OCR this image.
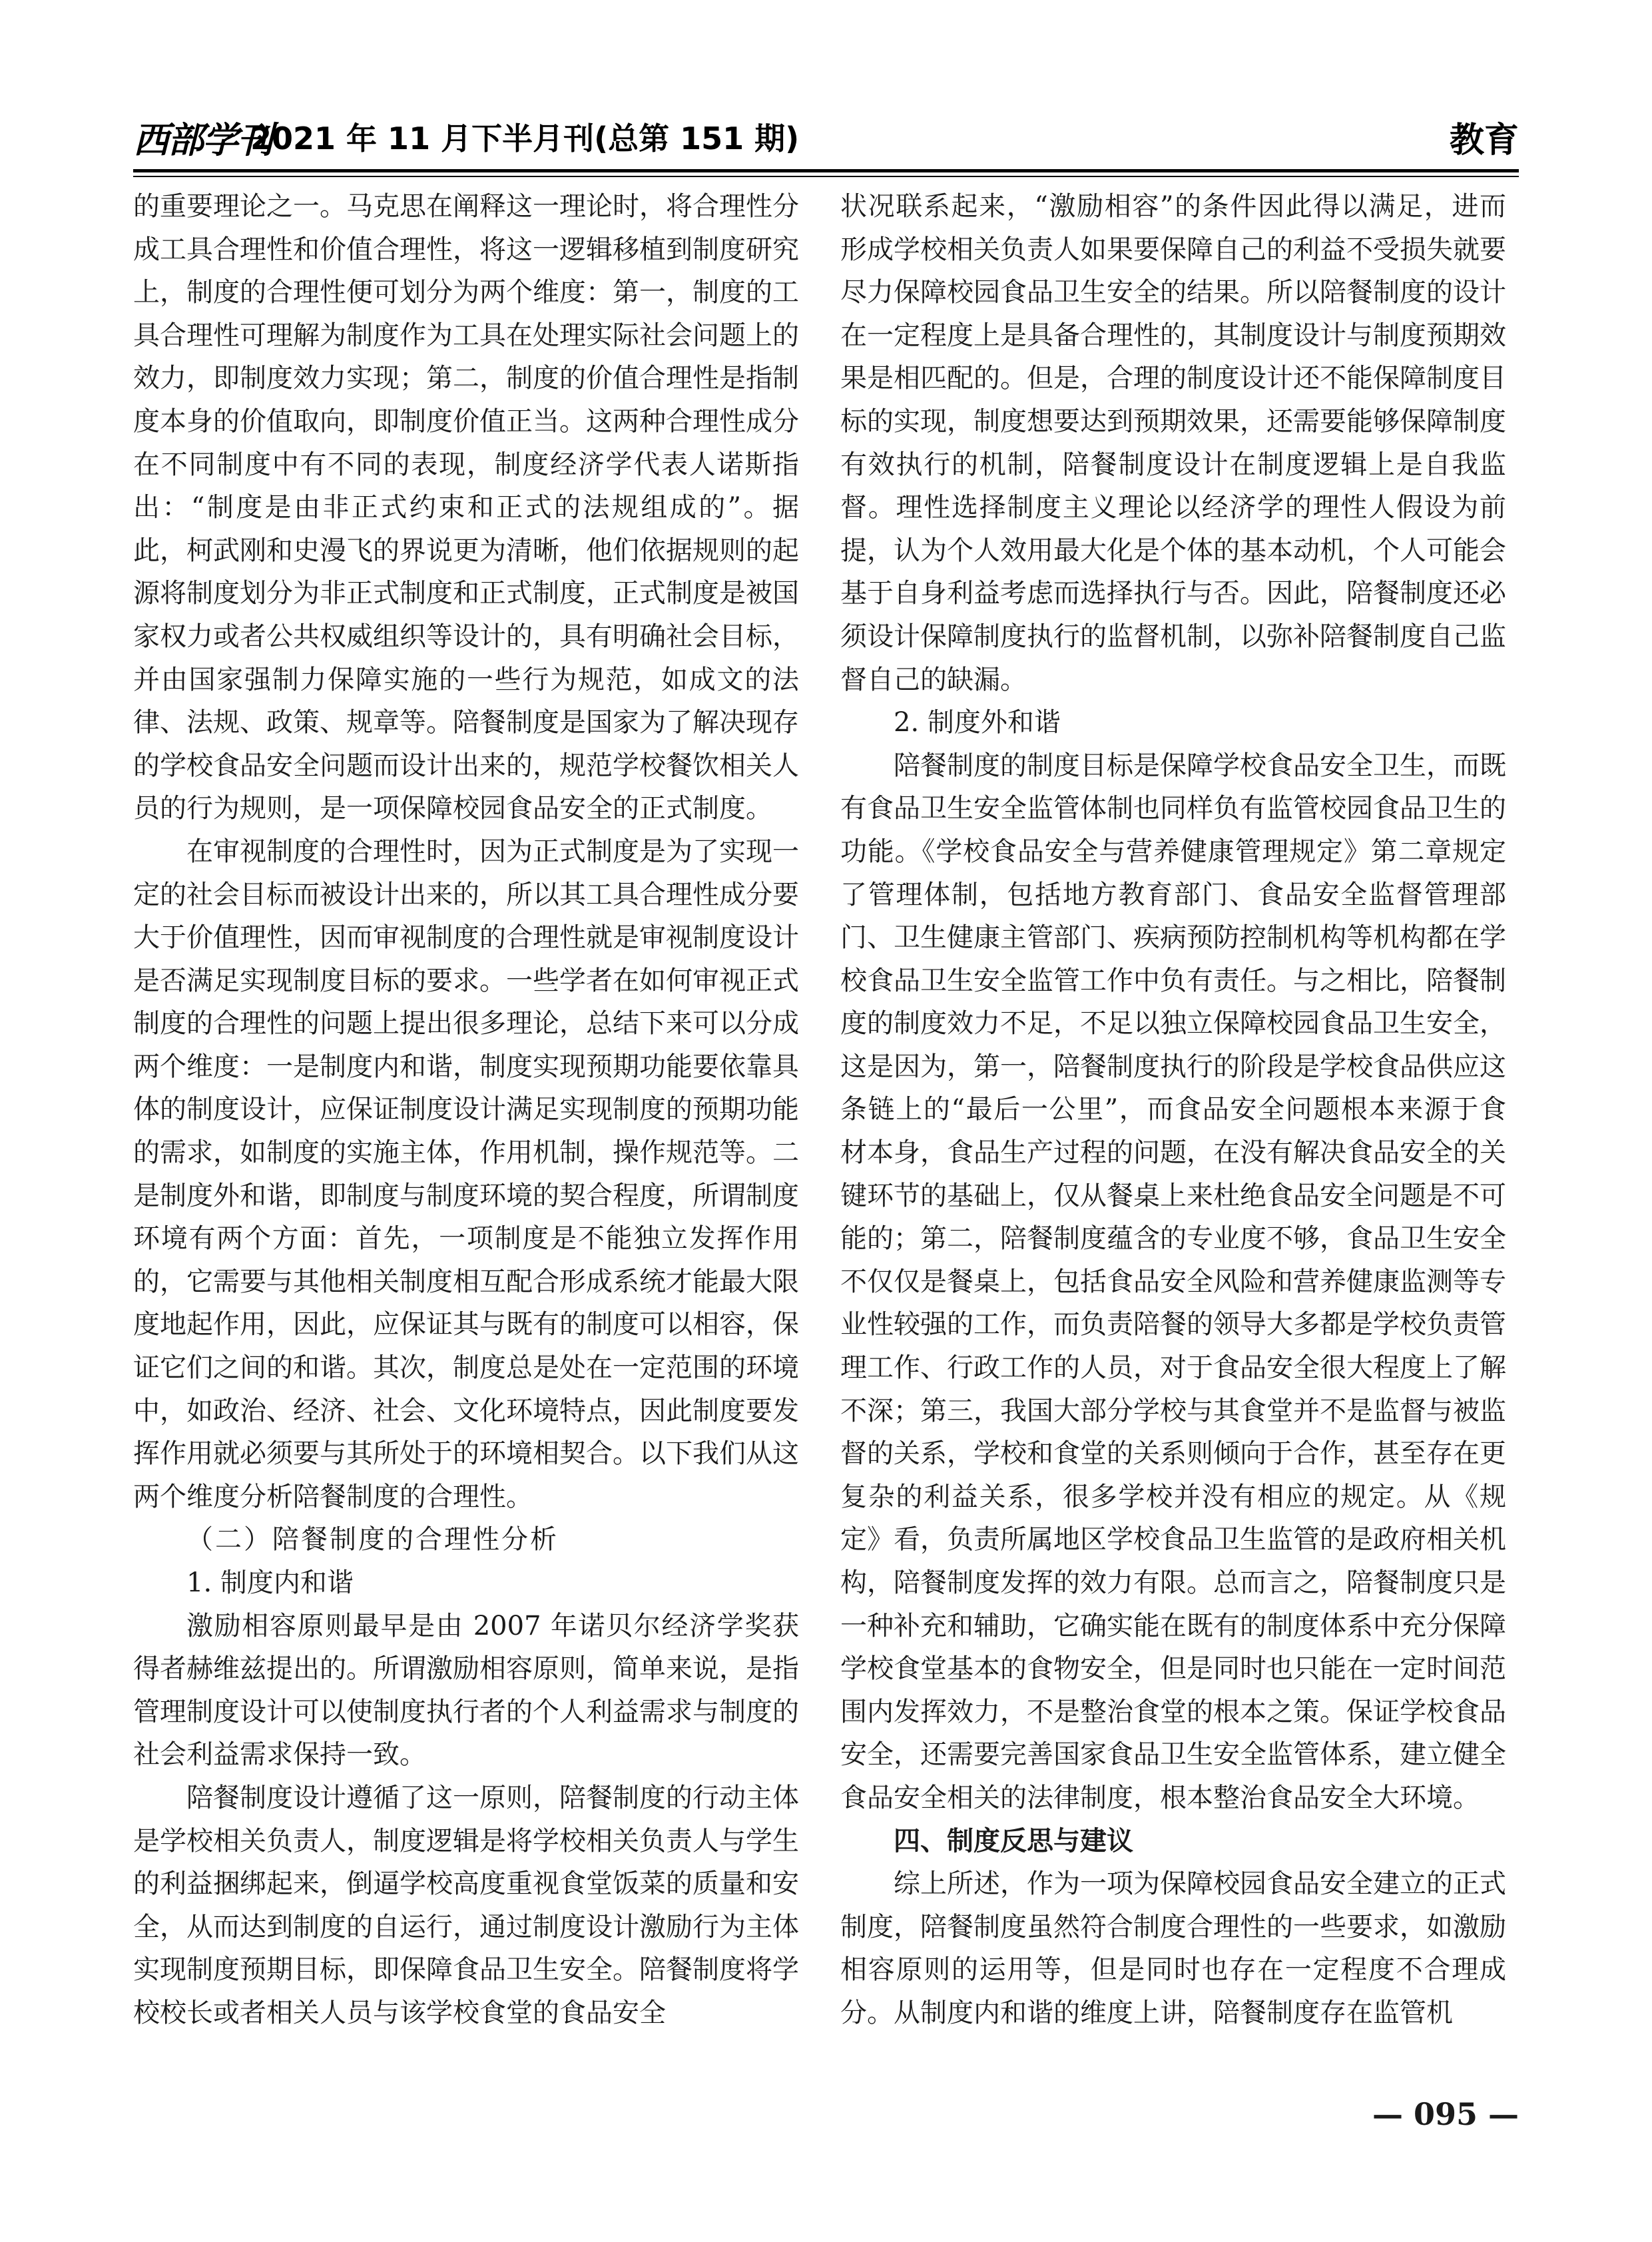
西部学刊
2021 年 11 月下半月刊(总第 151 期)	教育

的重要理论之一。马克思在阐释这一理论时，将合理性分成工具合理性和价值合理性，将这一逻辑移植到制度研究上，制度的合理性便可划分为两个维度：第一，制度的工具合理性可理解为制度作为工具在处理实际社会问题上的效力，即制度效力实现；第二，制度的价值合理性是指制度本身的价值取向，即制度价值正当。这两种合理性成分在不同制度中有不同的表现，制度经济学代表人诺斯指出：“制度是由非正式约束和正式的法规组成的”。据此，柯武刚和史漫飞的界说更为清晰，他们依据规则的起源将制度划分为非正式制度和正式制度，正式制度是被国家权力或者公共权威组织等设计的，具有明确社会目标，并由国家强制力保障实施的一些行为规范，如成文的法律、法规、政策、规章等。陪餐制度是国家为了解决现存的学校食品安全问题而设计出来的，规范学校餐饮相关人员的行为规则，是一项保障校园食品安全的正式制度。

在审视制度的合理性时，因为正式制度是为了实现一定的社会目标而被设计出来的，所以其工具合理性成分要大于价值理性，因而审视制度的合理性就是审视制度设计是否满足实现制度目标的要求。一些学者在如何审视正式制度的合理性的问题上提出很多理论，总结下来可以分成两个维度：一是制度内和谐，制度实现预期功能要依靠具体的制度设计，应保证制度设计满足实现制度的预期功能的需求，如制度的实施主体，作用机制，操作规范等。二是制度外和谐，即制度与制度环境的契合程度，所谓制度环境有两个方面：首先，一项制度是不能独立发挥作用的，它需要与其他相关制度相互配合形成系统才能最大限度地起作用，因此，应保证其与既有的制度可以相容，保证它们之间的和谐。其次，制度总是处在一定范围的环境中，如政治、经济、社会、文化环境特点，因此制度要发挥作用就必须要与其所处于的环境相契合。以下我们从这两个维度分析陪餐制度的合理性。

（二）陪餐制度的合理性分析

1. 制度内和谐

激励相容原则最早是由 2007 年诺贝尔经济学奖获得者赫维兹提出的。所谓激励相容原则，简单来说，是指管理制度设计可以使制度执行者的个人利益需求与制度的社会利益需求保持一致。

陪餐制度设计遵循了这一原则，陪餐制度的行动主体是学校相关负责人，制度逻辑是将学校相关负责人与学生的利益捆绑起来，倒逼学校高度重视食堂饭菜的质量和安全，从而达到制度的自运行，通过制度设计激励行为主体实现制度预期目标，即保障食品卫生安全。陪餐制度将学校校长或者相关人员与该学校食堂的食品安全

状况联系起来，“激励相容”的条件因此得以满足，进而形成学校相关负责人如果要保障自己的利益不受损失就要尽力保障校园食品卫生安全的结果。所以陪餐制度的设计在一定程度上是具备合理性的，其制度设计与制度预期效果是相匹配的。但是，合理的制度设计还不能保障制度目标的实现，制度想要达到预期效果，还需要能够保障制度有效执行的机制，陪餐制度设计在制度逻辑上是自我监督。理性选择制度主义理论以经济学的理性人假设为前提，认为个人效用最大化是个体的基本动机，个人可能会基于自身利益考虑而选择执行与否。因此，陪餐制度还必须设计保障制度执行的监督机制，以弥补陪餐制度自己监督自己的缺漏。

2. 制度外和谐

陪餐制度的制度目标是保障学校食品安全卫生，而既有食品卫生安全监管体制也同样负有监管校园食品卫生的功能。《学校食品安全与营养健康管理规定》第二章规定了管理体制，包括地方教育部门、食品安全监督管理部门、卫生健康主管部门、疾病预防控制机构等机构都在学校食品卫生安全监管工作中负有责任。与之相比，陪餐制度的制度效力不足，不足以独立保障校园食品卫生安全，这是因为，第一，陪餐制度执行的阶段是学校食品供应这条链上的“最后一公里”，而食品安全问题根本来源于食材本身，食品生产过程的问题，在没有解决食品安全的关键环节的基础上，仅从餐桌上来杜绝食品安全问题是不可能的；第二，陪餐制度蕴含的专业度不够，食品卫生安全不仅仅是餐桌上，包括食品安全风险和营养健康监测等专业性较强的工作，而负责陪餐的领导大多都是学校负责管理工作、行政工作的人员，对于食品安全很大程度上了解不深；第三，我国大部分学校与其食堂并不是监督与被监督的关系，学校和食堂的关系则倾向于合作，甚至存在更复杂的利益关系，很多学校并没有相应的规定。从《规定》看，负责所属地区学校食品卫生监管的是政府相关机构，陪餐制度发挥的效力有限。总而言之，陪餐制度只是一种补充和辅助，它确实能在既有的制度体系中充分保障学校食堂基本的食物安全，但是同时也只能在一定时间范围内发挥效力，不是整治食堂的根本之策。保证学校食品安全，还需要完善国家食品卫生安全监管体系，建立健全食品安全相关的法律制度，根本整治食品安全大环境。

四、制度反思与建议

综上所述，作为一项为保障校园食品安全建立的正式制度，陪餐制度虽然符合制度合理性的一些要求，如激励相容原则的运用等，但是同时也存在一定程度不合理成分。从制度内和谐的维度上讲，陪餐制度存在监管机

— 095 —
